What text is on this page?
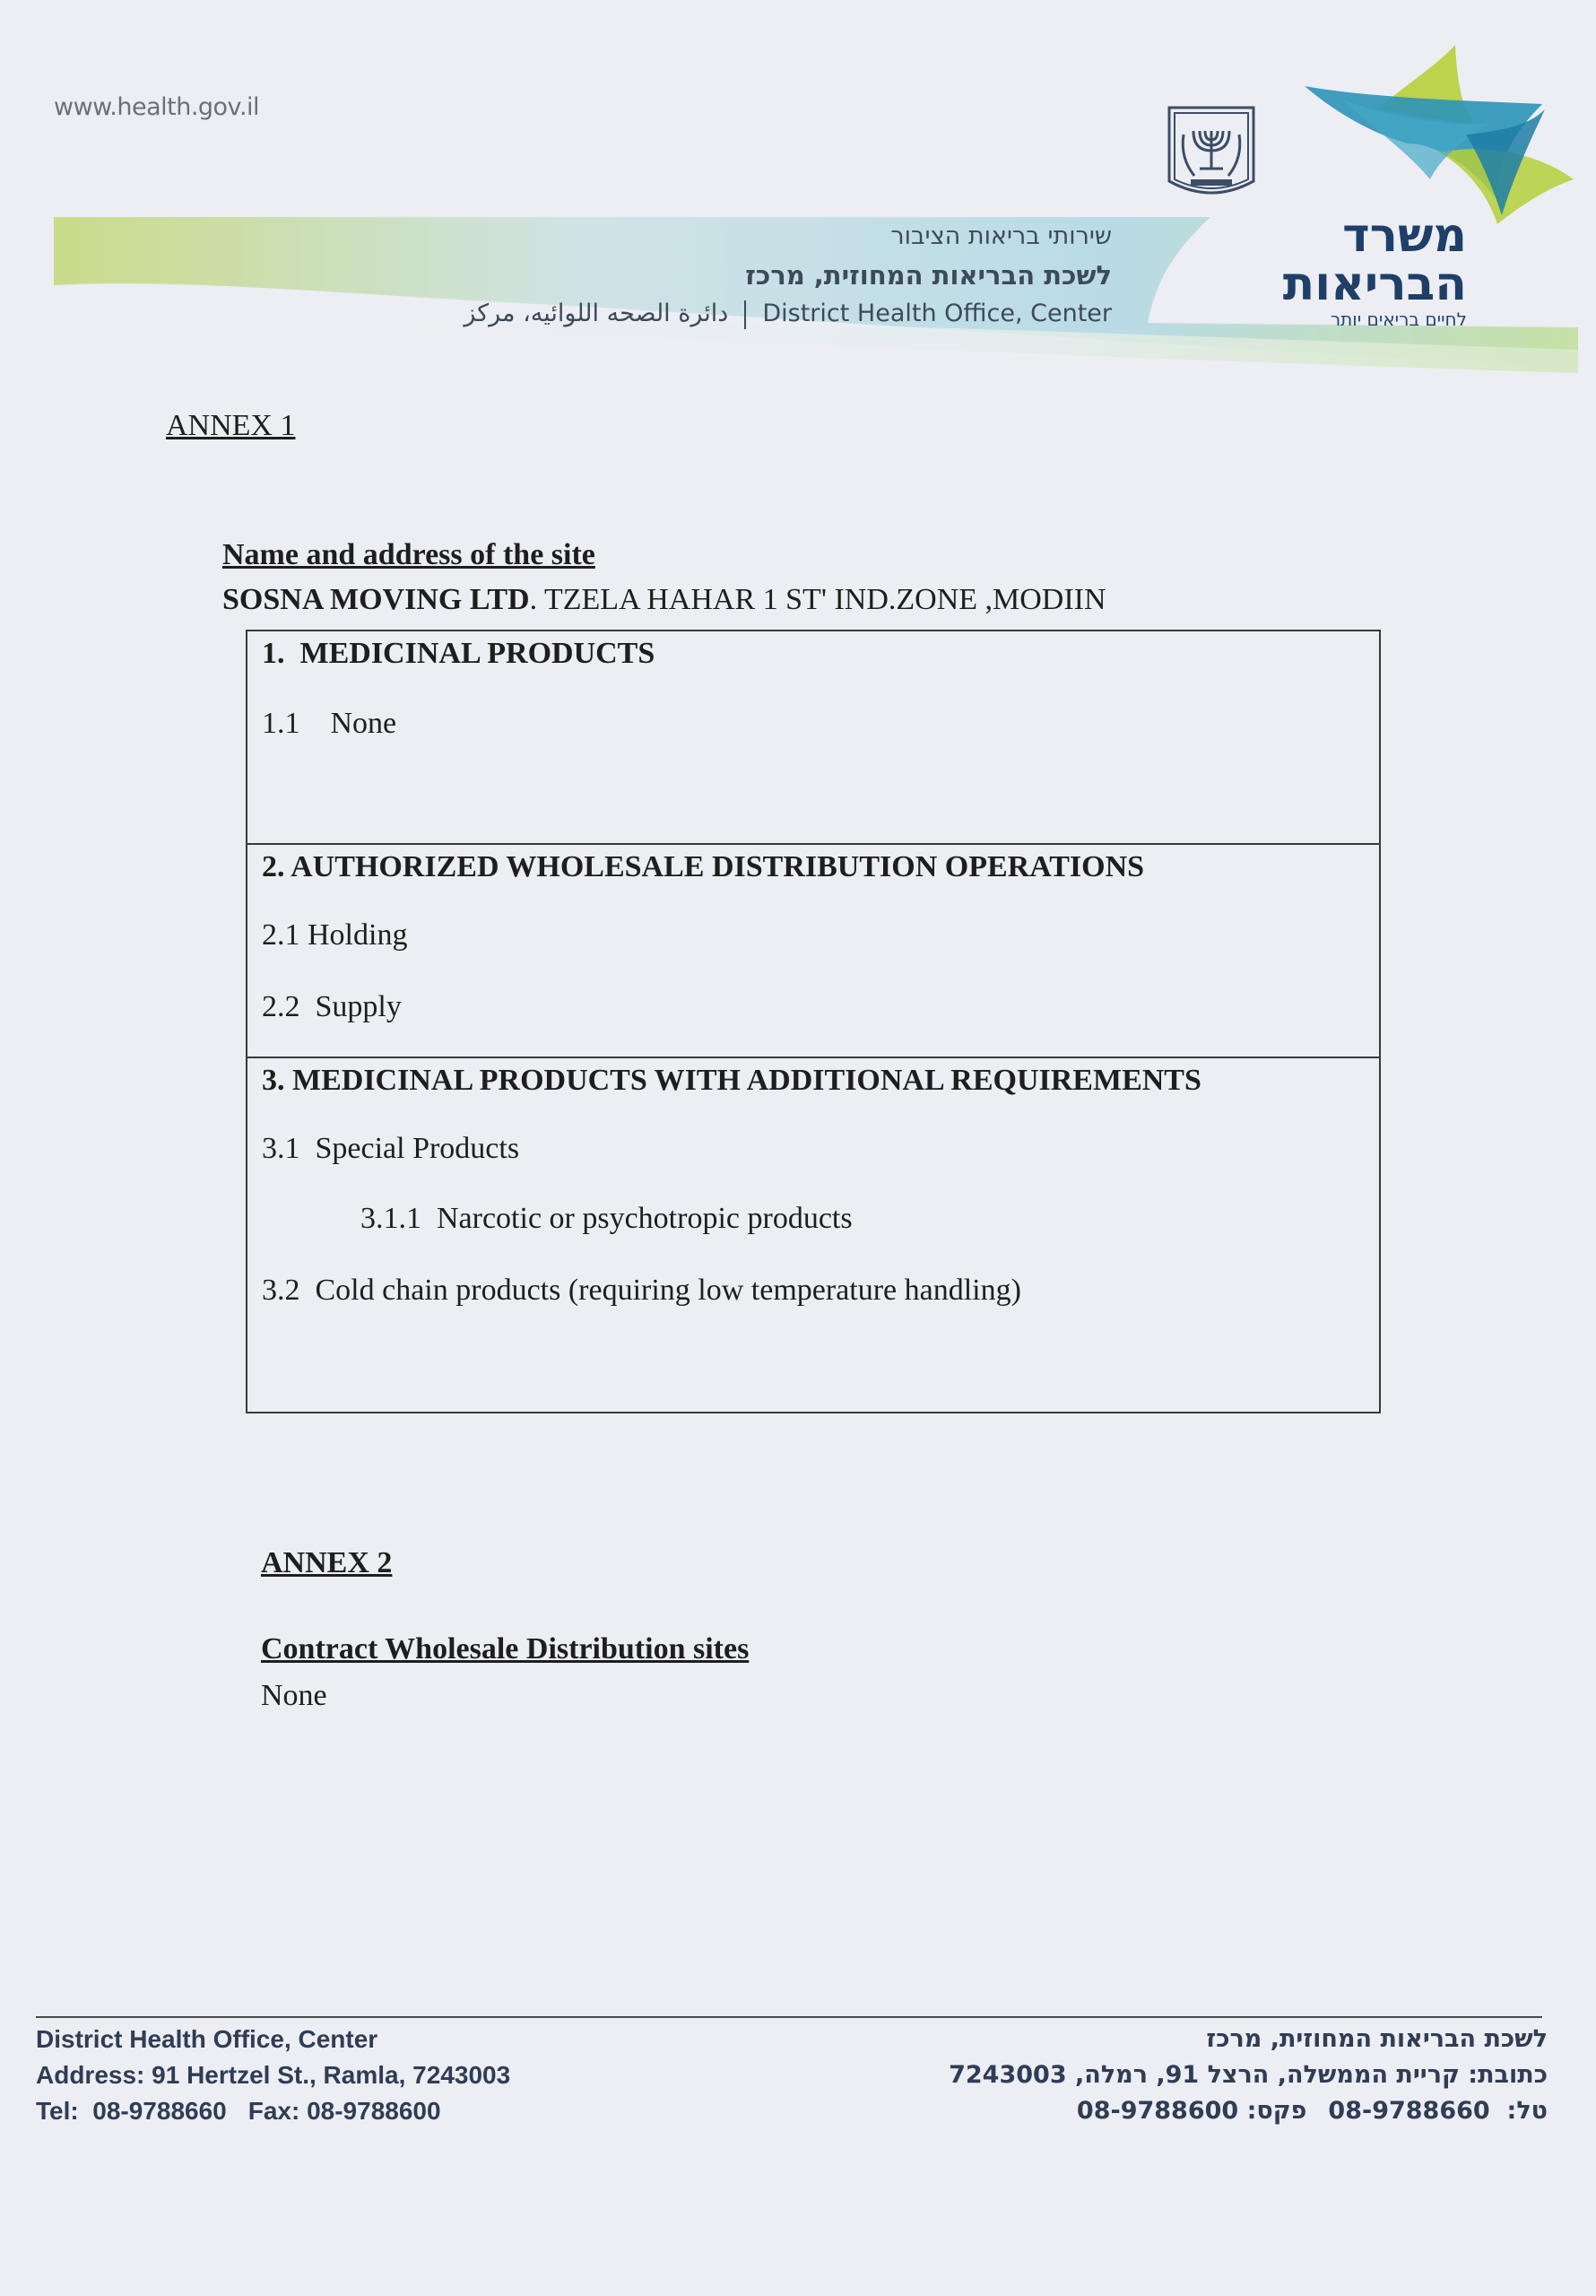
www.health.gov.il
שירותי בריאות הציבור
לשכת הבריאות המחוזית, מרכז
دائرة الصحه اللوائيه، مركز District Health Office, Center
משרד
הבריאות
לחיים בריאים יותר
ANNEX 1
Name and address of the site
SOSNA MOVING LTD. TZELA HAHAR 1 ST' IND.ZONE ,MODIIN
1.  MEDICINAL PRODUCTS
1.1    None
2. AUTHORIZED WHOLESALE DISTRIBUTION OPERATIONS
2.1 Holding
2.2  Supply
3. MEDICINAL PRODUCTS WITH ADDITIONAL REQUIREMENTS
3.1  Special Products
3.1.1  Narcotic or psychotropic products
3.2  Cold chain products (requiring low temperature handling)
ANNEX 2
Contract Wholesale Distribution sites
None
District Health Office, Center
Address: 91 Hertzel St., Ramla, 7243003
Tel:  08-9788660 Fax: 08-9788600
לשכת הבריאות המחוזית, מרכז
כתובת: קריית הממשלה, הרצל 91, רמלה, 7243003
טל:  08-9788660פקס: 08-9788600
